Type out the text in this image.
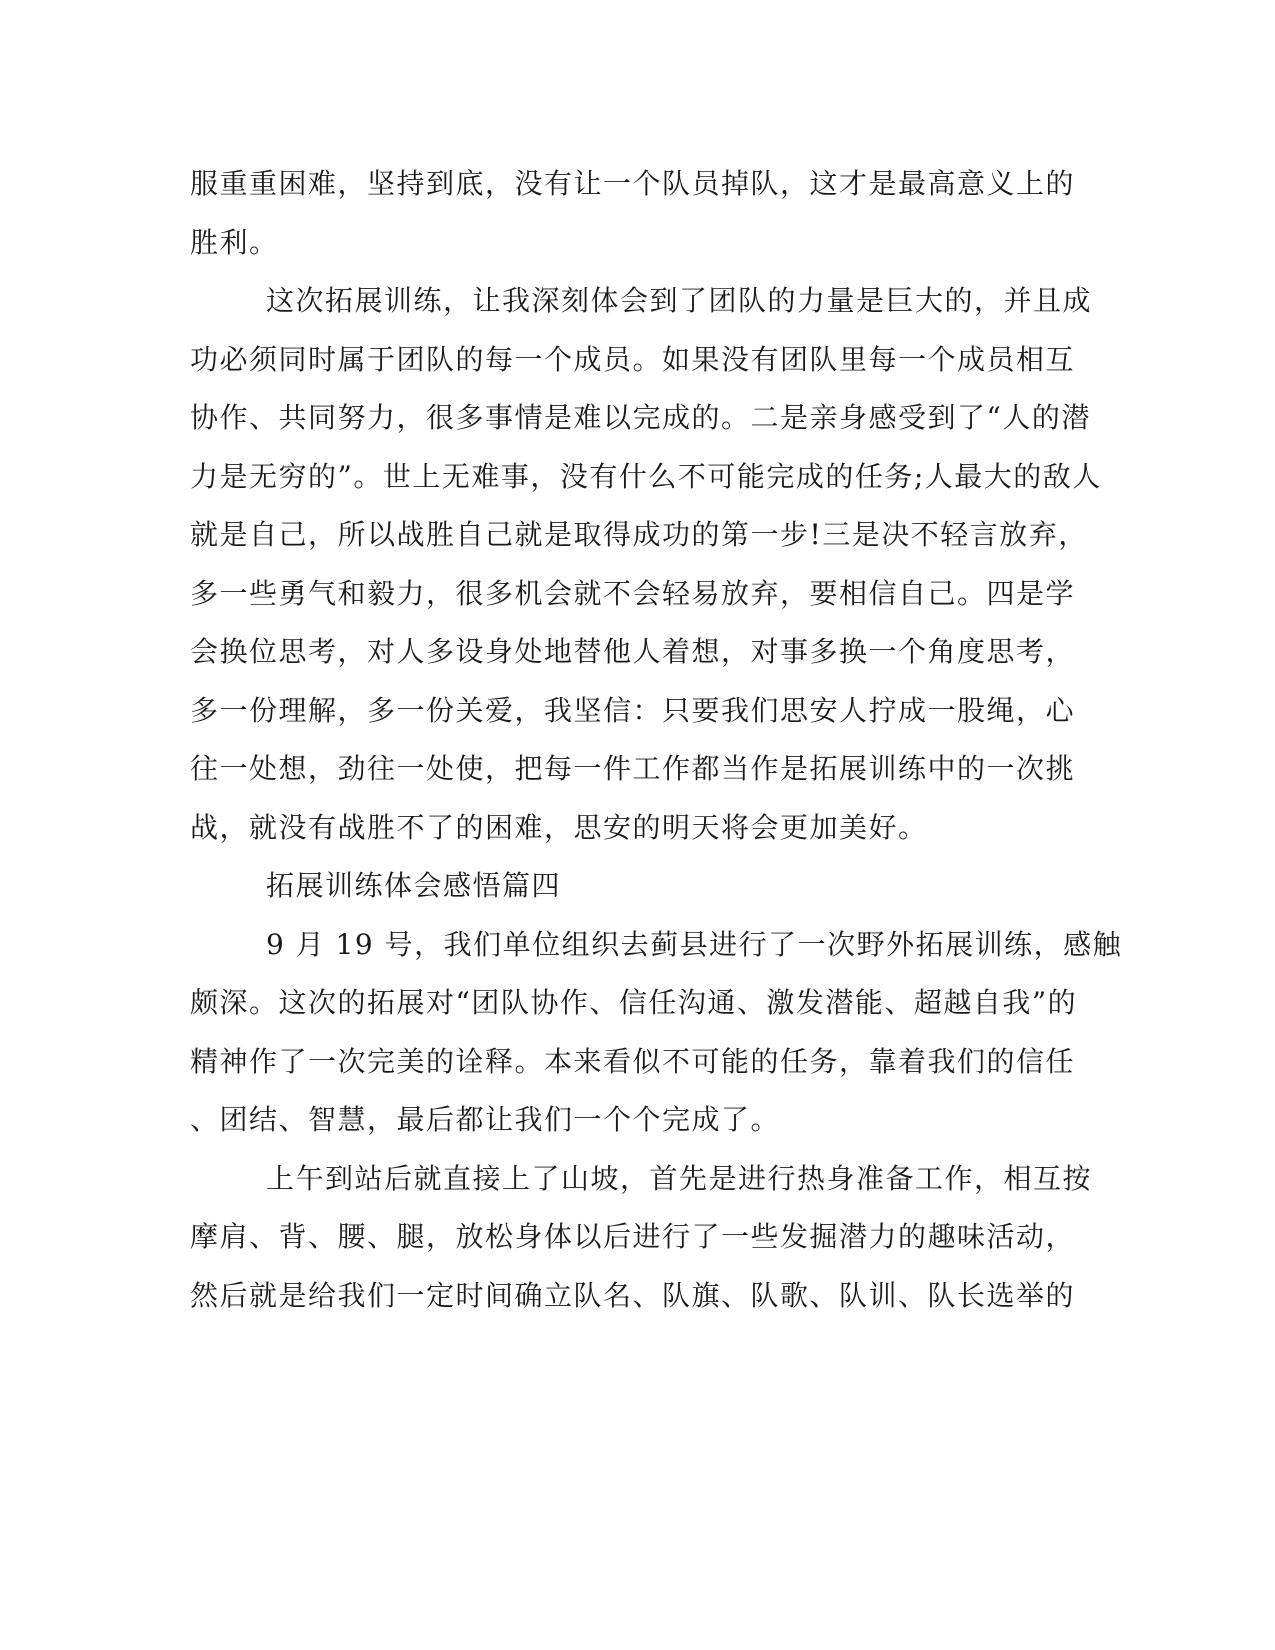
服重重困难，坚持到底，没有让一个队员掉队，这才是最高意义上的
胜利。
这次拓展训练，让我深刻体会到了团队的力量是巨大的，并且成
功必须同时属于团队的每一个成员。如果没有团队里每一个成员相互
协作、共同努力，很多事情是难以完成的。二是亲身感受到了“人的潜
力是无穷的”。世上无难事，没有什么不可能完成的任务;人最大的敌人
就是自己，所以战胜自己就是取得成功的第一步!三是决不轻言放弃，
多一些勇气和毅力，很多机会就不会轻易放弃，要相信自己。四是学
会换位思考，对人多设身处地替他人着想，对事多换一个角度思考，
多一份理解，多一份关爱，我坚信：只要我们思安人拧成一股绳，心
往一处想，劲往一处使，把每一件工作都当作是拓展训练中的一次挑
战，就没有战胜不了的困难，思安的明天将会更加美好。
拓展训练体会感悟篇四
9 月 19 号，我们单位组织去蓟县进行了一次野外拓展训练，感触
颇深。这次的拓展对“团队协作、信任沟通、激发潜能、超越自我”的
精神作了一次完美的诠释。本来看似不可能的任务，靠着我们的信任
、团结、智慧，最后都让我们一个个完成了。
上午到站后就直接上了山坡，首先是进行热身准备工作，相互按
摩肩、背、腰、腿，放松身体以后进行了一些发掘潜力的趣味活动，
然后就是给我们一定时间确立队名、队旗、队歌、队训、队长选举的
